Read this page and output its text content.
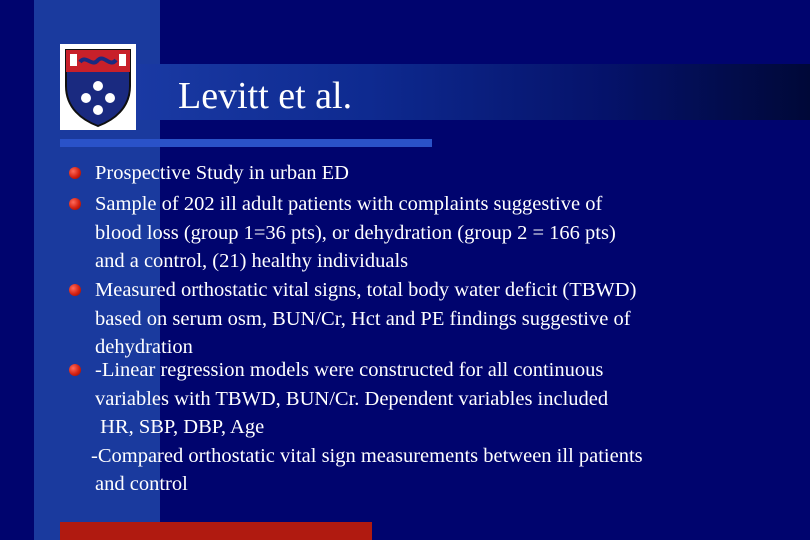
Levitt et al.
Prospective Study in urban ED
Sample of 202 ill adult patients with complaints suggestive of
blood loss (group 1=36 pts), or dehydration (group 2 = 166 pts)
and a control, (21) healthy individuals
Measured orthostatic vital signs, total body water deficit (TBWD)
based on serum osm, BUN/Cr, Hct and PE findings suggestive of
dehydration
-Linear regression models were constructed for all continuous
variables with TBWD, BUN/Cr. Dependent variables included
HR, SBP, DBP, Age
-Compared orthostatic vital sign measurements between ill patients
and control
